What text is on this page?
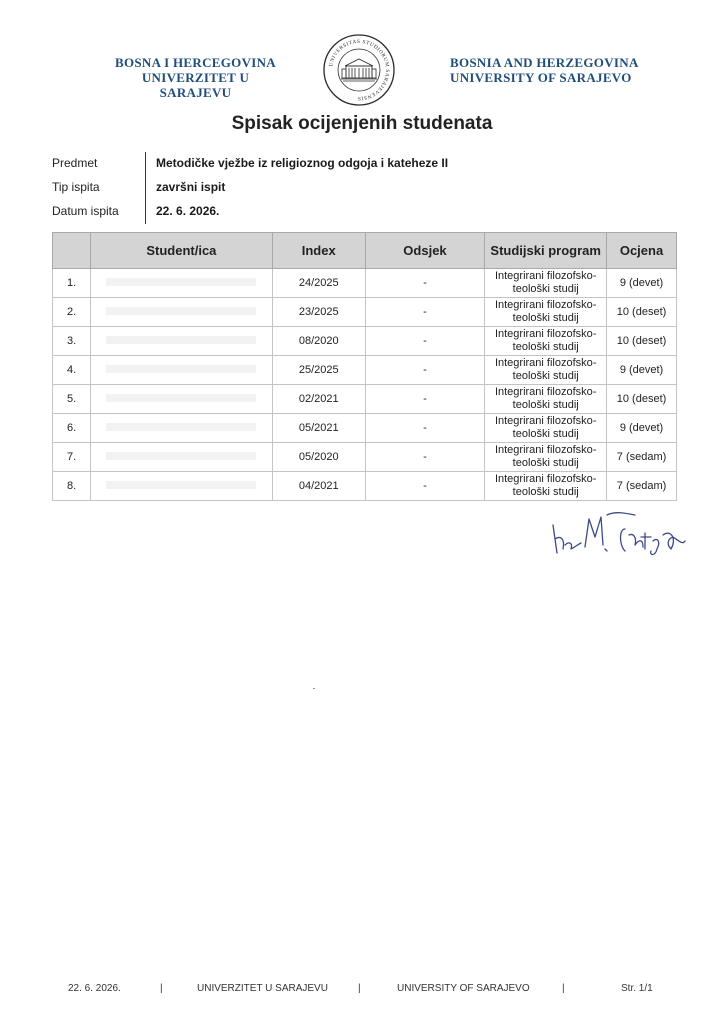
BOSNA I HERCEGOVINA
UNIVERZITET U SARAJEVU
UNIVERSITAS STUDIORUM SARAJEVENSIS
BOSNIA AND HERZEGOVINA
UNIVERSITY OF SARAJEVO
Spisak ocijenjenih studenata
Predmet	Metodičke vježbe iz religioznog odgoja i kateheze II
Tip ispita	završni ispit
Datum ispita	22. 6. 2026.
	Student/ica	Index	Odsjek	Studijski program	Ocjena
1.		24/2025	-	Integrirani filozofsko-
teološki studij	9 (devet)
2.		23/2025	-	Integrirani filozofsko-
teološki studij	10 (deset)
3.		08/2020	-	Integrirani filozofsko-
teološki studij	10 (deset)
4.		25/2025	-	Integrirani filozofsko-
teološki studij	9 (devet)
5.		02/2021	-	Integrirani filozofsko-
teološki studij	10 (deset)
6.		05/2021	-	Integrirani filozofsko-
teološki studij	9 (devet)
7.		05/2020	-	Integrirani filozofsko-
teološki studij	7 (sedam)
8.		04/2021	-	Integrirani filozofsko-
teološki studij	7 (sedam)
22. 6. 2026.	|	UNIVERZITET U SARAJEVU	|	UNIVERSITY OF SARAJEVO	|	Str. 1/1
